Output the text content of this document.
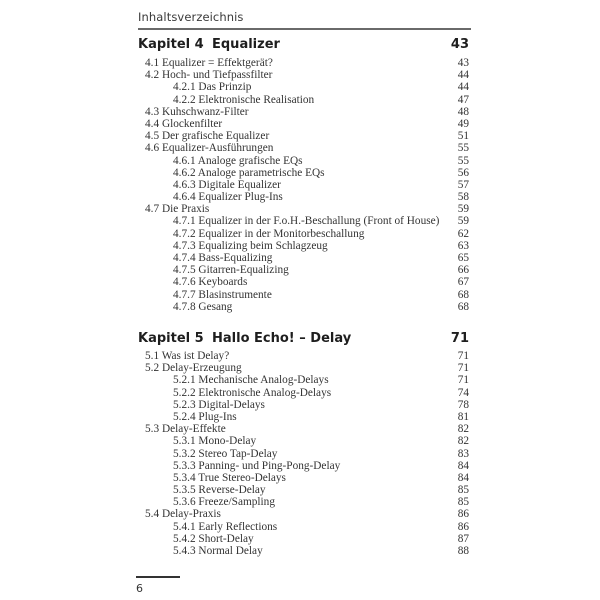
Inhaltsverzeichnis
Kapitel 4 Equalizer	43
4.1 Equalizer = Effektgerät?	43
4.2 Hoch- und Tiefpassfilter	44
4.2.1 Das Prinzip	44
4.2.2 Elektronische Realisation	47
4.3 Kuhschwanz-Filter	48
4.4 Glockenfilter	49
4.5 Der grafische Equalizer	51
4.6 Equalizer-Ausführungen	55
4.6.1 Analoge grafische EQs	55
4.6.2 Analoge parametrische EQs	56
4.6.3 Digitale Equalizer	57
4.6.4 Equalizer Plug-Ins	58
4.7 Die Praxis	59
4.7.1 Equalizer in der F.o.H.-Beschallung (Front of House) 59
4.7.2 Equalizer in der Monitorbeschallung	62
4.7.3 Equalizing beim Schlagzeug	63
4.7.4 Bass-Equalizing	65
4.7.5 Gitarren-Equalizing	66
4.7.6 Keyboards	67
4.7.7 Blasinstrumente	68
4.7.8 Gesang	68
Kapitel 5 Hallo Echo! – Delay	71
5.1 Was ist Delay?	71
5.2 Delay-Erzeugung	71
5.2.1 Mechanische Analog-Delays	71
5.2.2 Elektronische Analog-Delays	74
5.2.3 Digital-Delays	78
5.2.4 Plug-Ins	81
5.3 Delay-Effekte	82
5.3.1 Mono-Delay	82
5.3.2 Stereo Tap-Delay	83
5.3.3 Panning- und Ping-Pong-Delay	84
5.3.4 True Stereo-Delays	84
5.3.5 Reverse-Delay	85
5.3.6 Freeze/Sampling	85
5.4 Delay-Praxis	86
5.4.1 Early Reflections	86
5.4.2 Short-Delay	87
5.4.3 Normal Delay	88
6
